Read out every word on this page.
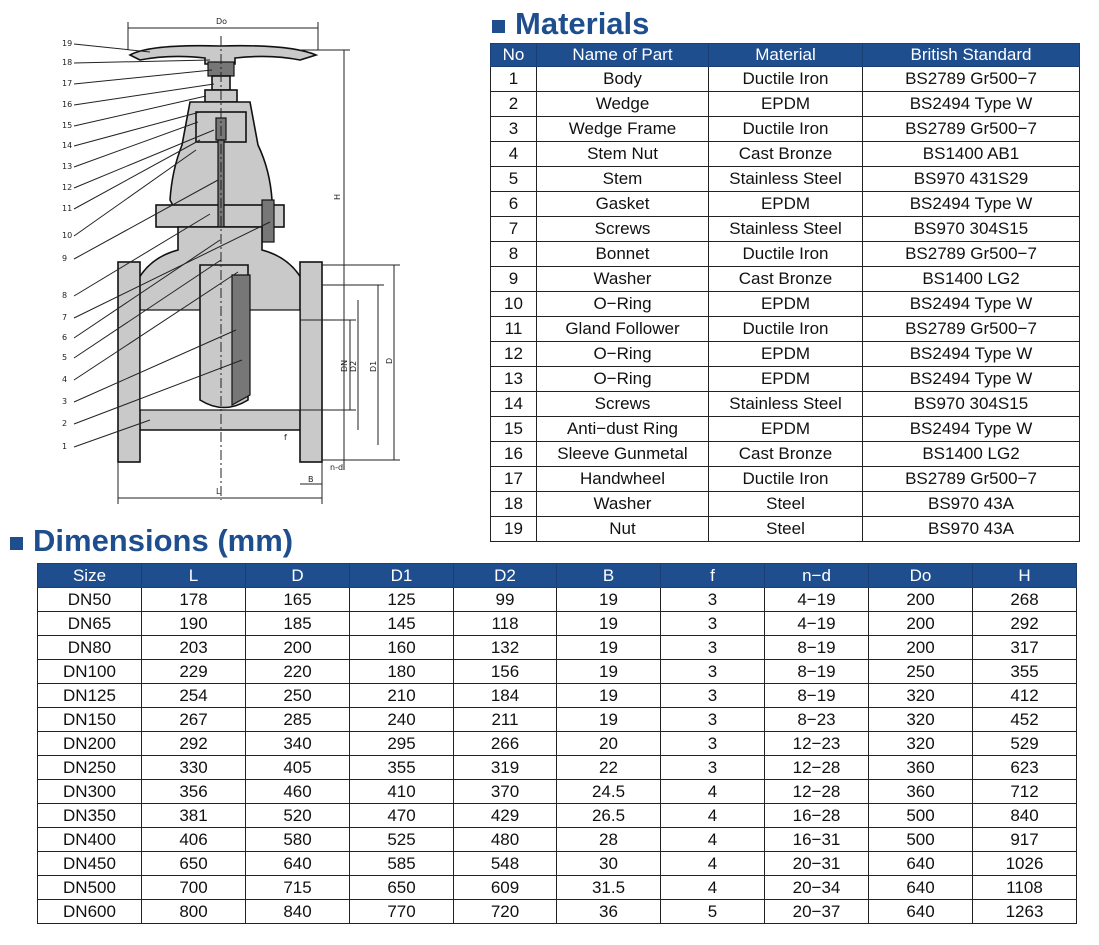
Do
H
DN D2 D1 D
f
n-d
B
L
19
18
17
16
15
14
13
12
11
10
9
8
7
6
5
4
3
2
1
Materials
No	Name of Part	Material	British Standard
1	Body	Ductile Iron	BS2789 Gr500−7
2	Wedge	EPDM	BS2494 Type W
3	Wedge Frame	Ductile Iron	BS2789 Gr500−7
4	Stem Nut	Cast Bronze	BS1400 AB1
5	Stem	Stainless Steel	BS970 431S29
6	Gasket	EPDM	BS2494 Type W
7	Screws	Stainless Steel	BS970 304S15
8	Bonnet	Ductile Iron	BS2789 Gr500−7
9	Washer	Cast Bronze	BS1400 LG2
10	O−Ring	EPDM	BS2494 Type W
11	Gland Follower	Ductile Iron	BS2789 Gr500−7
12	O−Ring	EPDM	BS2494 Type W
13	O−Ring	EPDM	BS2494 Type W
14	Screws	Stainless Steel	BS970 304S15
15	Anti−dust Ring	EPDM	BS2494 Type W
16	Sleeve Gunmetal	Cast Bronze	BS1400 LG2
17	Handwheel	Ductile Iron	BS2789 Gr500−7
18	Washer	Steel	BS970 43A
19	Nut	Steel	BS970 43A
Dimensions (mm)
Size	L	D	D1	D2	B	f	n−d	Do	H
DN50	178	165	125	99	19	3	4−19	200	268
DN65	190	185	145	118	19	3	4−19	200	292
DN80	203	200	160	132	19	3	8−19	200	317
DN100	229	220	180	156	19	3	8−19	250	355
DN125	254	250	210	184	19	3	8−19	320	412
DN150	267	285	240	211	19	3	8−23	320	452
DN200	292	340	295	266	20	3	12−23	320	529
DN250	330	405	355	319	22	3	12−28	360	623
DN300	356	460	410	370	24.5	4	12−28	360	712
DN350	381	520	470	429	26.5	4	16−28	500	840
DN400	406	580	525	480	28	4	16−31	500	917
DN450	650	640	585	548	30	4	20−31	640	1026
DN500	700	715	650	609	31.5	4	20−34	640	1108
DN600	800	840	770	720	36	5	20−37	640	1263
